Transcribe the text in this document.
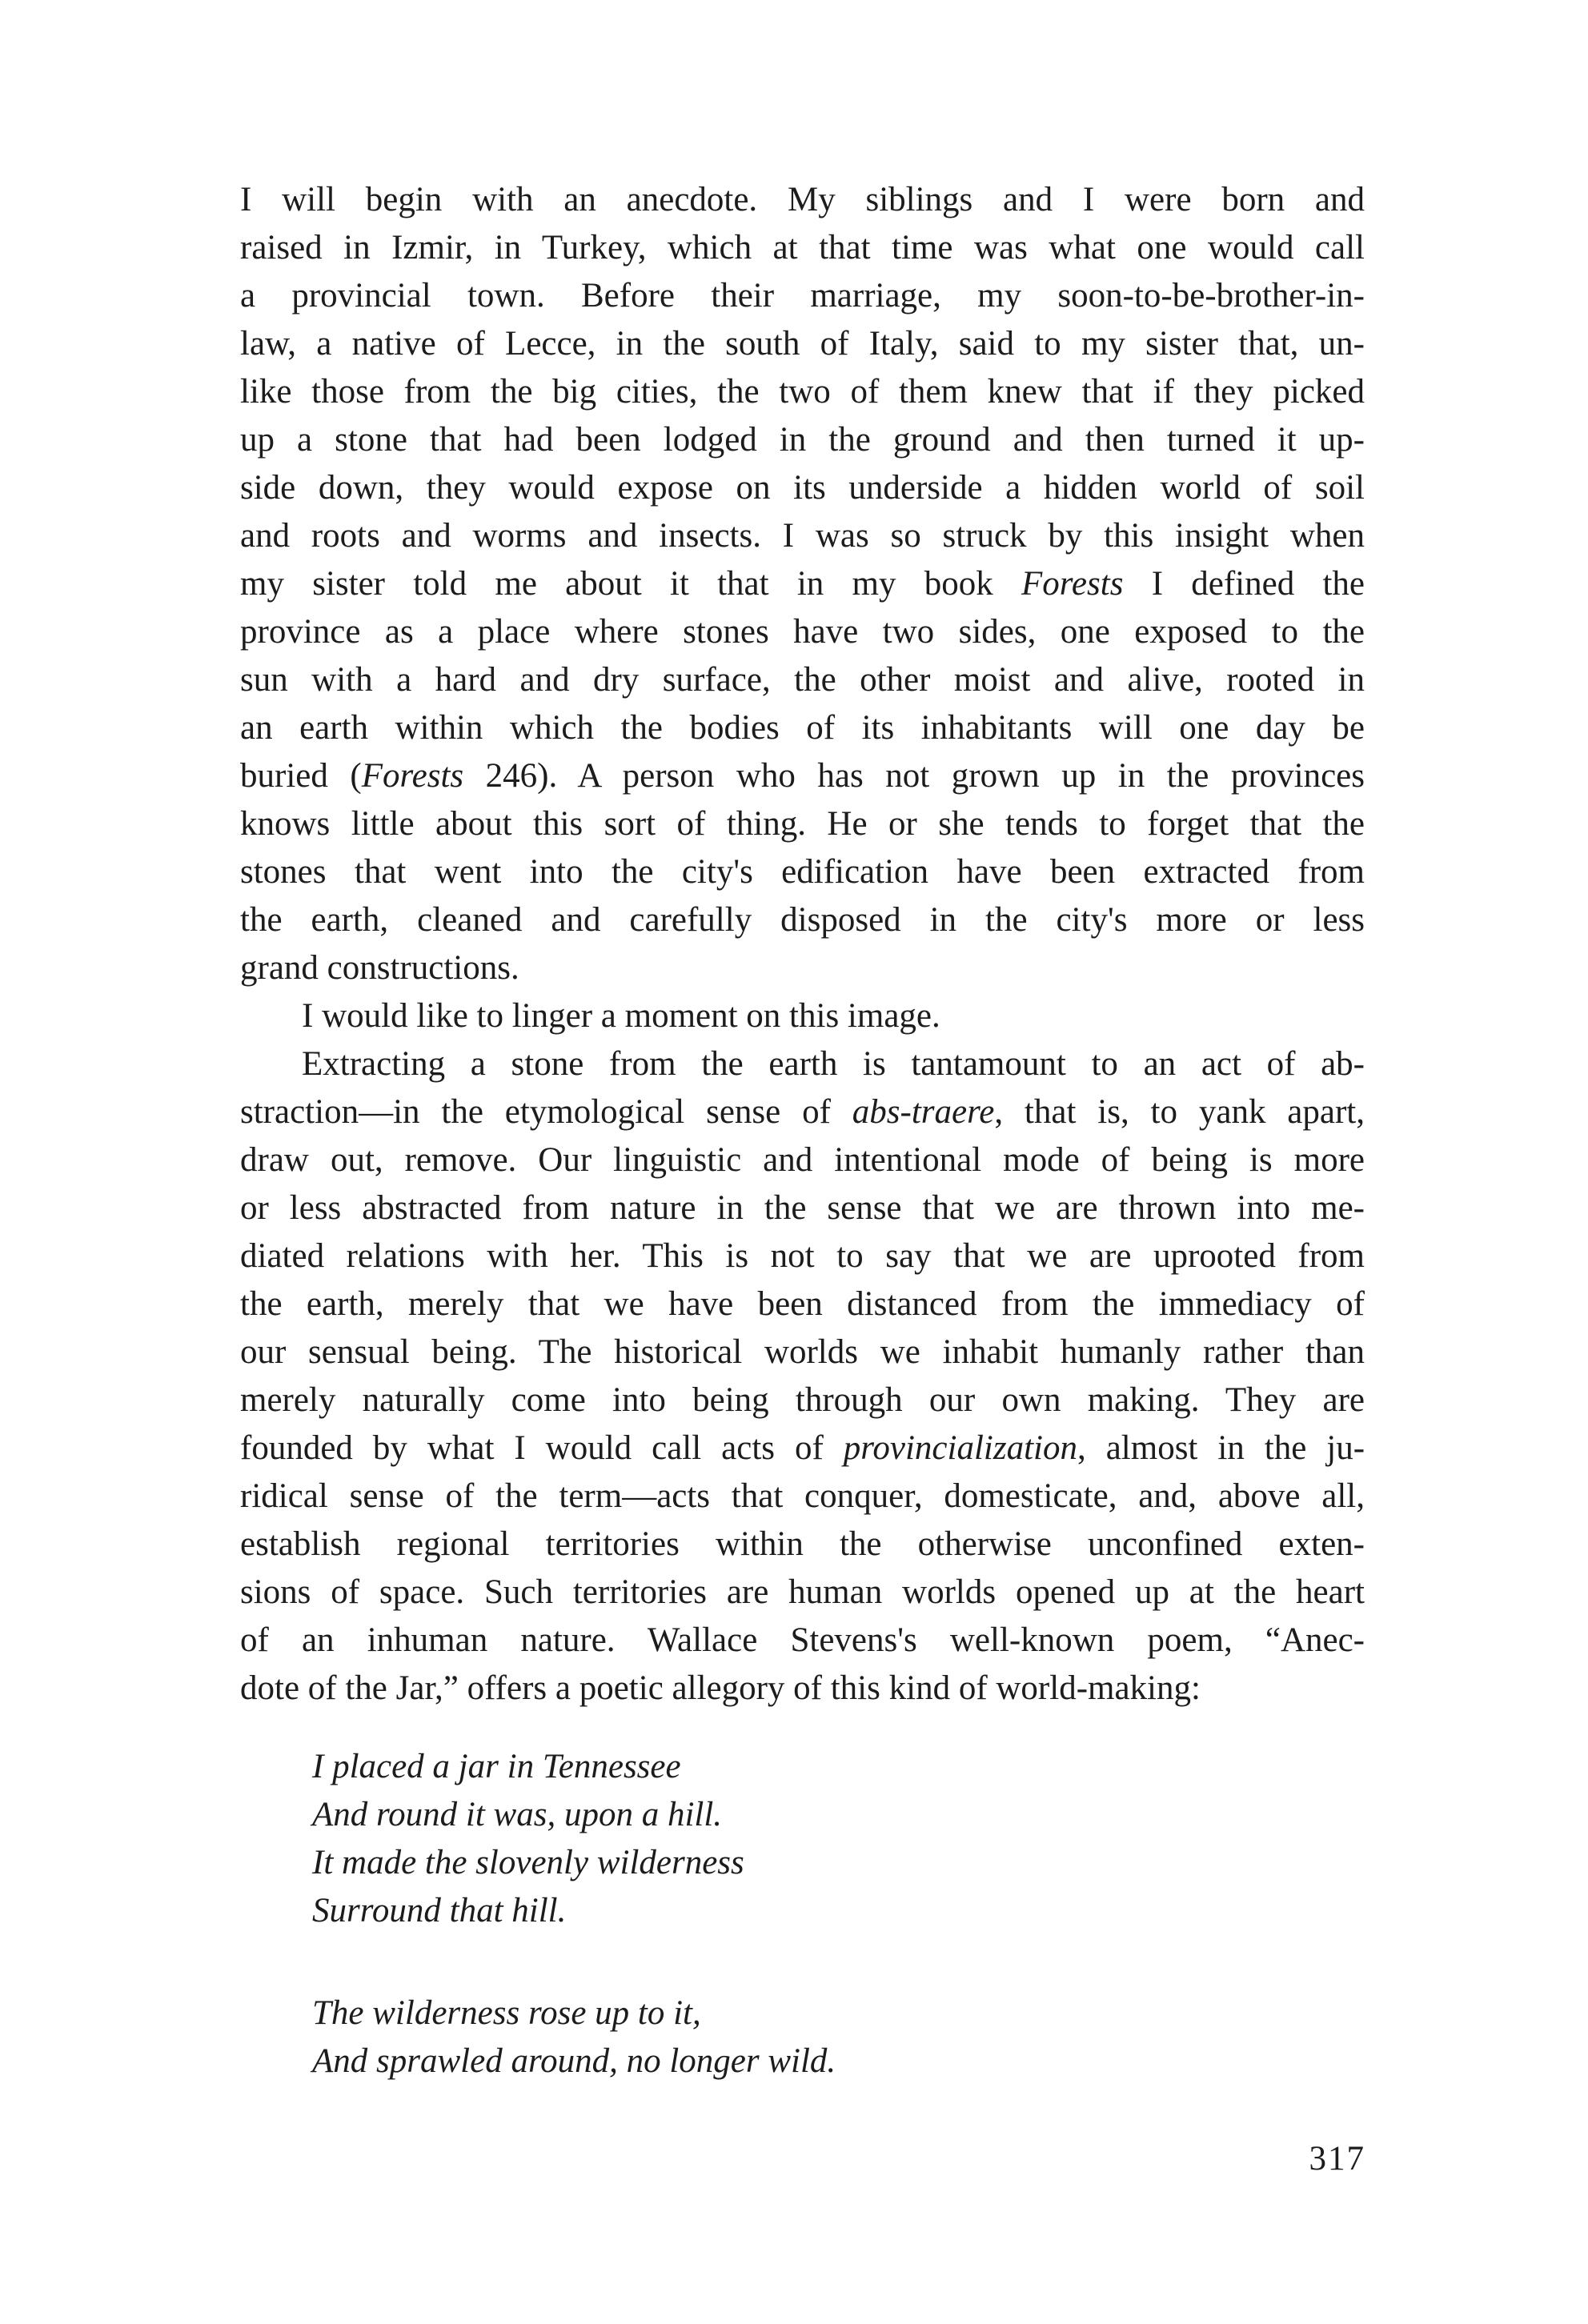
I will begin with an anecdote. My siblings and I were born and
raised in Izmir, in Turkey, which at that time was what one would call
a provincial town. Before their marriage, my soon-to-be-brother-in-
law, a native of Lecce, in the south of Italy, said to my sister that, un-
like those from the big cities, the two of them knew that if they picked
up a stone that had been lodged in the ground and then turned it up-
side down, they would expose on its underside a hidden world of soil
and roots and worms and insects. I was so struck by this insight when
my sister told me about it that in my book Forests I defined the
province as a place where stones have two sides, one exposed to the
sun with a hard and dry surface, the other moist and alive, rooted in
an earth within which the bodies of its inhabitants will one day be
buried (Forests 246). A person who has not grown up in the provinces
knows little about this sort of thing. He or she tends to forget that the
stones that went into the city's edification have been extracted from
the earth, cleaned and carefully disposed in the city's more or less
grand constructions.
I would like to linger a moment on this image.
Extracting a stone from the earth is tantamount to an act of ab-
straction—in the etymological sense of abs-traere, that is, to yank apart,
draw out, remove. Our linguistic and intentional mode of being is more
or less abstracted from nature in the sense that we are thrown into me-
diated relations with her. This is not to say that we are uprooted from
the earth, merely that we have been distanced from the immediacy of
our sensual being. The historical worlds we inhabit humanly rather than
merely naturally come into being through our own making. They are
founded by what I would call acts of provincialization, almost in the ju-
ridical sense of the term—acts that conquer, domesticate, and, above all,
establish regional territories within the otherwise unconfined exten-
sions of space. Such territories are human worlds opened up at the heart
of an inhuman nature. Wallace Stevens's well-known poem, “Anec-
dote of the Jar,” offers a poetic allegory of this kind of world-making:
I placed a jar in Tennessee
And round it was, upon a hill.
It made the slovenly wilderness
Surround that hill.
The wilderness rose up to it,
And sprawled around, no longer wild.
317
